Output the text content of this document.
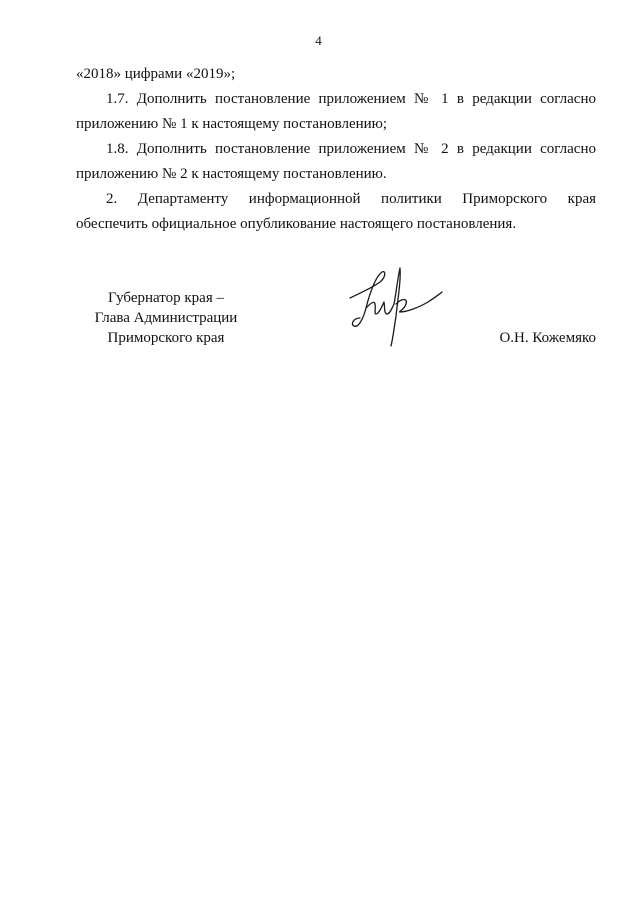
4

«2018» цифрами «2019»;

1.7. Дополнить постановление приложением № 1 в редакции согласно приложению № 1 к настоящему постановлению;

1.8. Дополнить постановление приложением № 2 в редакции согласно приложению № 2 к настоящему постановлению.

2. Департаменту информационной политики Приморского края

обеспечить официальное опубликование настоящего постановления.

Губернатор края –
Глава Администрации
Приморского края	О.Н. Кожемяко
